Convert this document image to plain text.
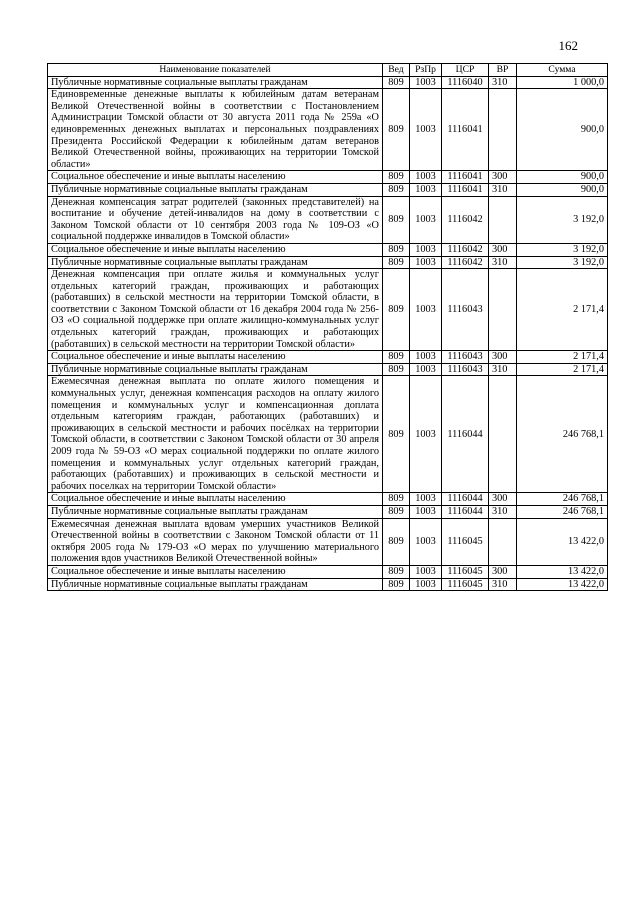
162
Наименование показателей	Вед	РзПр	ЦСР	ВР	Сумма
Публичные нормативные социальные выплаты гражданам	809	1003	1116040	310	1 000,0
Единовременные денежные выплаты к юбилейным датам ветеранам Великой Отечественной войны в соответствии с Постановлением Администрации Томской области от 30 августа 2011 года № 259а «О единовременных денежных выплатах и персональных поздравлениях Президента Российской Федерации к юбилейным датам ветеранов Великой Отечественной войны, проживающих на территории Томской области»	809	1003	1116041		900,0
Социальное обеспечение и иные выплаты населению	809	1003	1116041	300	900,0
Публичные нормативные социальные выплаты гражданам	809	1003	1116041	310	900,0
Денежная компенсация затрат родителей (законных представителей) на воспитание и обучение детей-инвалидов на дому в соответствии с Законом Томской области от 10 сентября 2003 года № 109-ОЗ «О социальной поддержке инвалидов в Томской области»	809	1003	1116042		3 192,0
Социальное обеспечение и иные выплаты населению	809	1003	1116042	300	3 192,0
Публичные нормативные социальные выплаты гражданам	809	1003	1116042	310	3 192,0
Денежная компенсация при оплате жилья и коммунальных услуг отдельных категорий граждан, проживающих и работающих (работавших) в сельской местности на территории Томской области, в соответствии с Законом Томской области от 16 декабря 2004 года № 256-ОЗ «О социальной поддержке при оплате жилищно-коммунальных услуг отдельных категорий граждан, проживающих и работающих (работавших) в сельской местности на территории Томской области»	809	1003	1116043		2 171,4
Социальное обеспечение и иные выплаты населению	809	1003	1116043	300	2 171,4
Публичные нормативные социальные выплаты гражданам	809	1003	1116043	310	2 171,4
Ежемесячная денежная выплата по оплате жилого помещения и коммунальных услуг, денежная компенсация расходов на оплату жилого помещения и коммунальных услуг и компенсационная доплата отдельным категориям граждан, работающих (работавших) и проживающих в сельской местности и рабочих посёлках на территории Томской области, в соответствии с Законом Томской области от 30 апреля 2009 года № 59-ОЗ «О мерах социальной поддержки по оплате жилого помещения и коммунальных услуг отдельных категорий граждан, работающих (работавших) и проживающих в сельской местности и рабочих поселках на территории Томской области»	809	1003	1116044		246 768,1
Социальное обеспечение и иные выплаты населению	809	1003	1116044	300	246 768,1
Публичные нормативные социальные выплаты гражданам	809	1003	1116044	310	246 768,1
Ежемесячная денежная выплата вдовам умерших участников Великой Отечественной войны в соответствии с Законом Томской области от 11 октября 2005 года № 179-ОЗ «О мерах по улучшению материального положения вдов участников Великой Отечественной войны»	809	1003	1116045		13 422,0
Социальное обеспечение и иные выплаты населению	809	1003	1116045	300	13 422,0
Публичные нормативные социальные выплаты гражданам	809	1003	1116045	310	13 422,0
